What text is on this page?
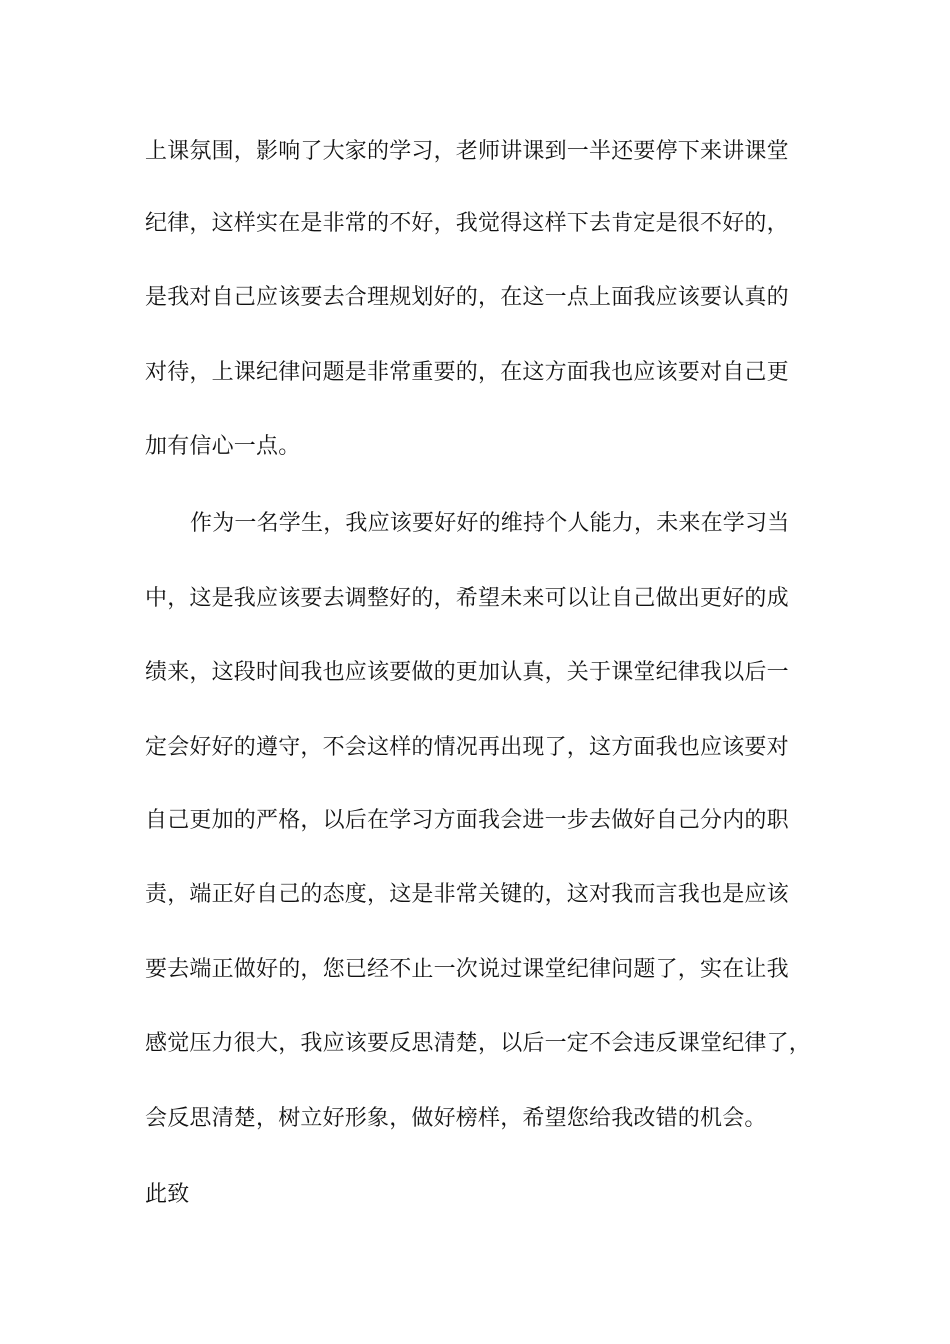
上课氛围，影响了大家的学习，老师讲课到一半还要停下来讲课堂
纪律，这样实在是非常的不好，我觉得这样下去肯定是很不好的，
是我对自己应该要去合理规划好的，在这一点上面我应该要认真的
对待，上课纪律问题是非常重要的，在这方面我也应该要对自己更
加有信心一点。
作为一名学生，我应该要好好的维持个人能力，未来在学习当
中，这是我应该要去调整好的，希望未来可以让自己做出更好的成
绩来，这段时间我也应该要做的更加认真，关于课堂纪律我以后一
定会好好的遵守，不会这样的情况再出现了，这方面我也应该要对
自己更加的严格，以后在学习方面我会进一步去做好自己分内的职
责，端正好自己的态度，这是非常关键的，这对我而言我也是应该
要去端正做好的，您已经不止一次说过课堂纪律问题了，实在让我
感觉压力很大，我应该要反思清楚，以后一定不会违反课堂纪律了，
会反思清楚，树立好形象，做好榜样，希望您给我改错的机会。
此致
